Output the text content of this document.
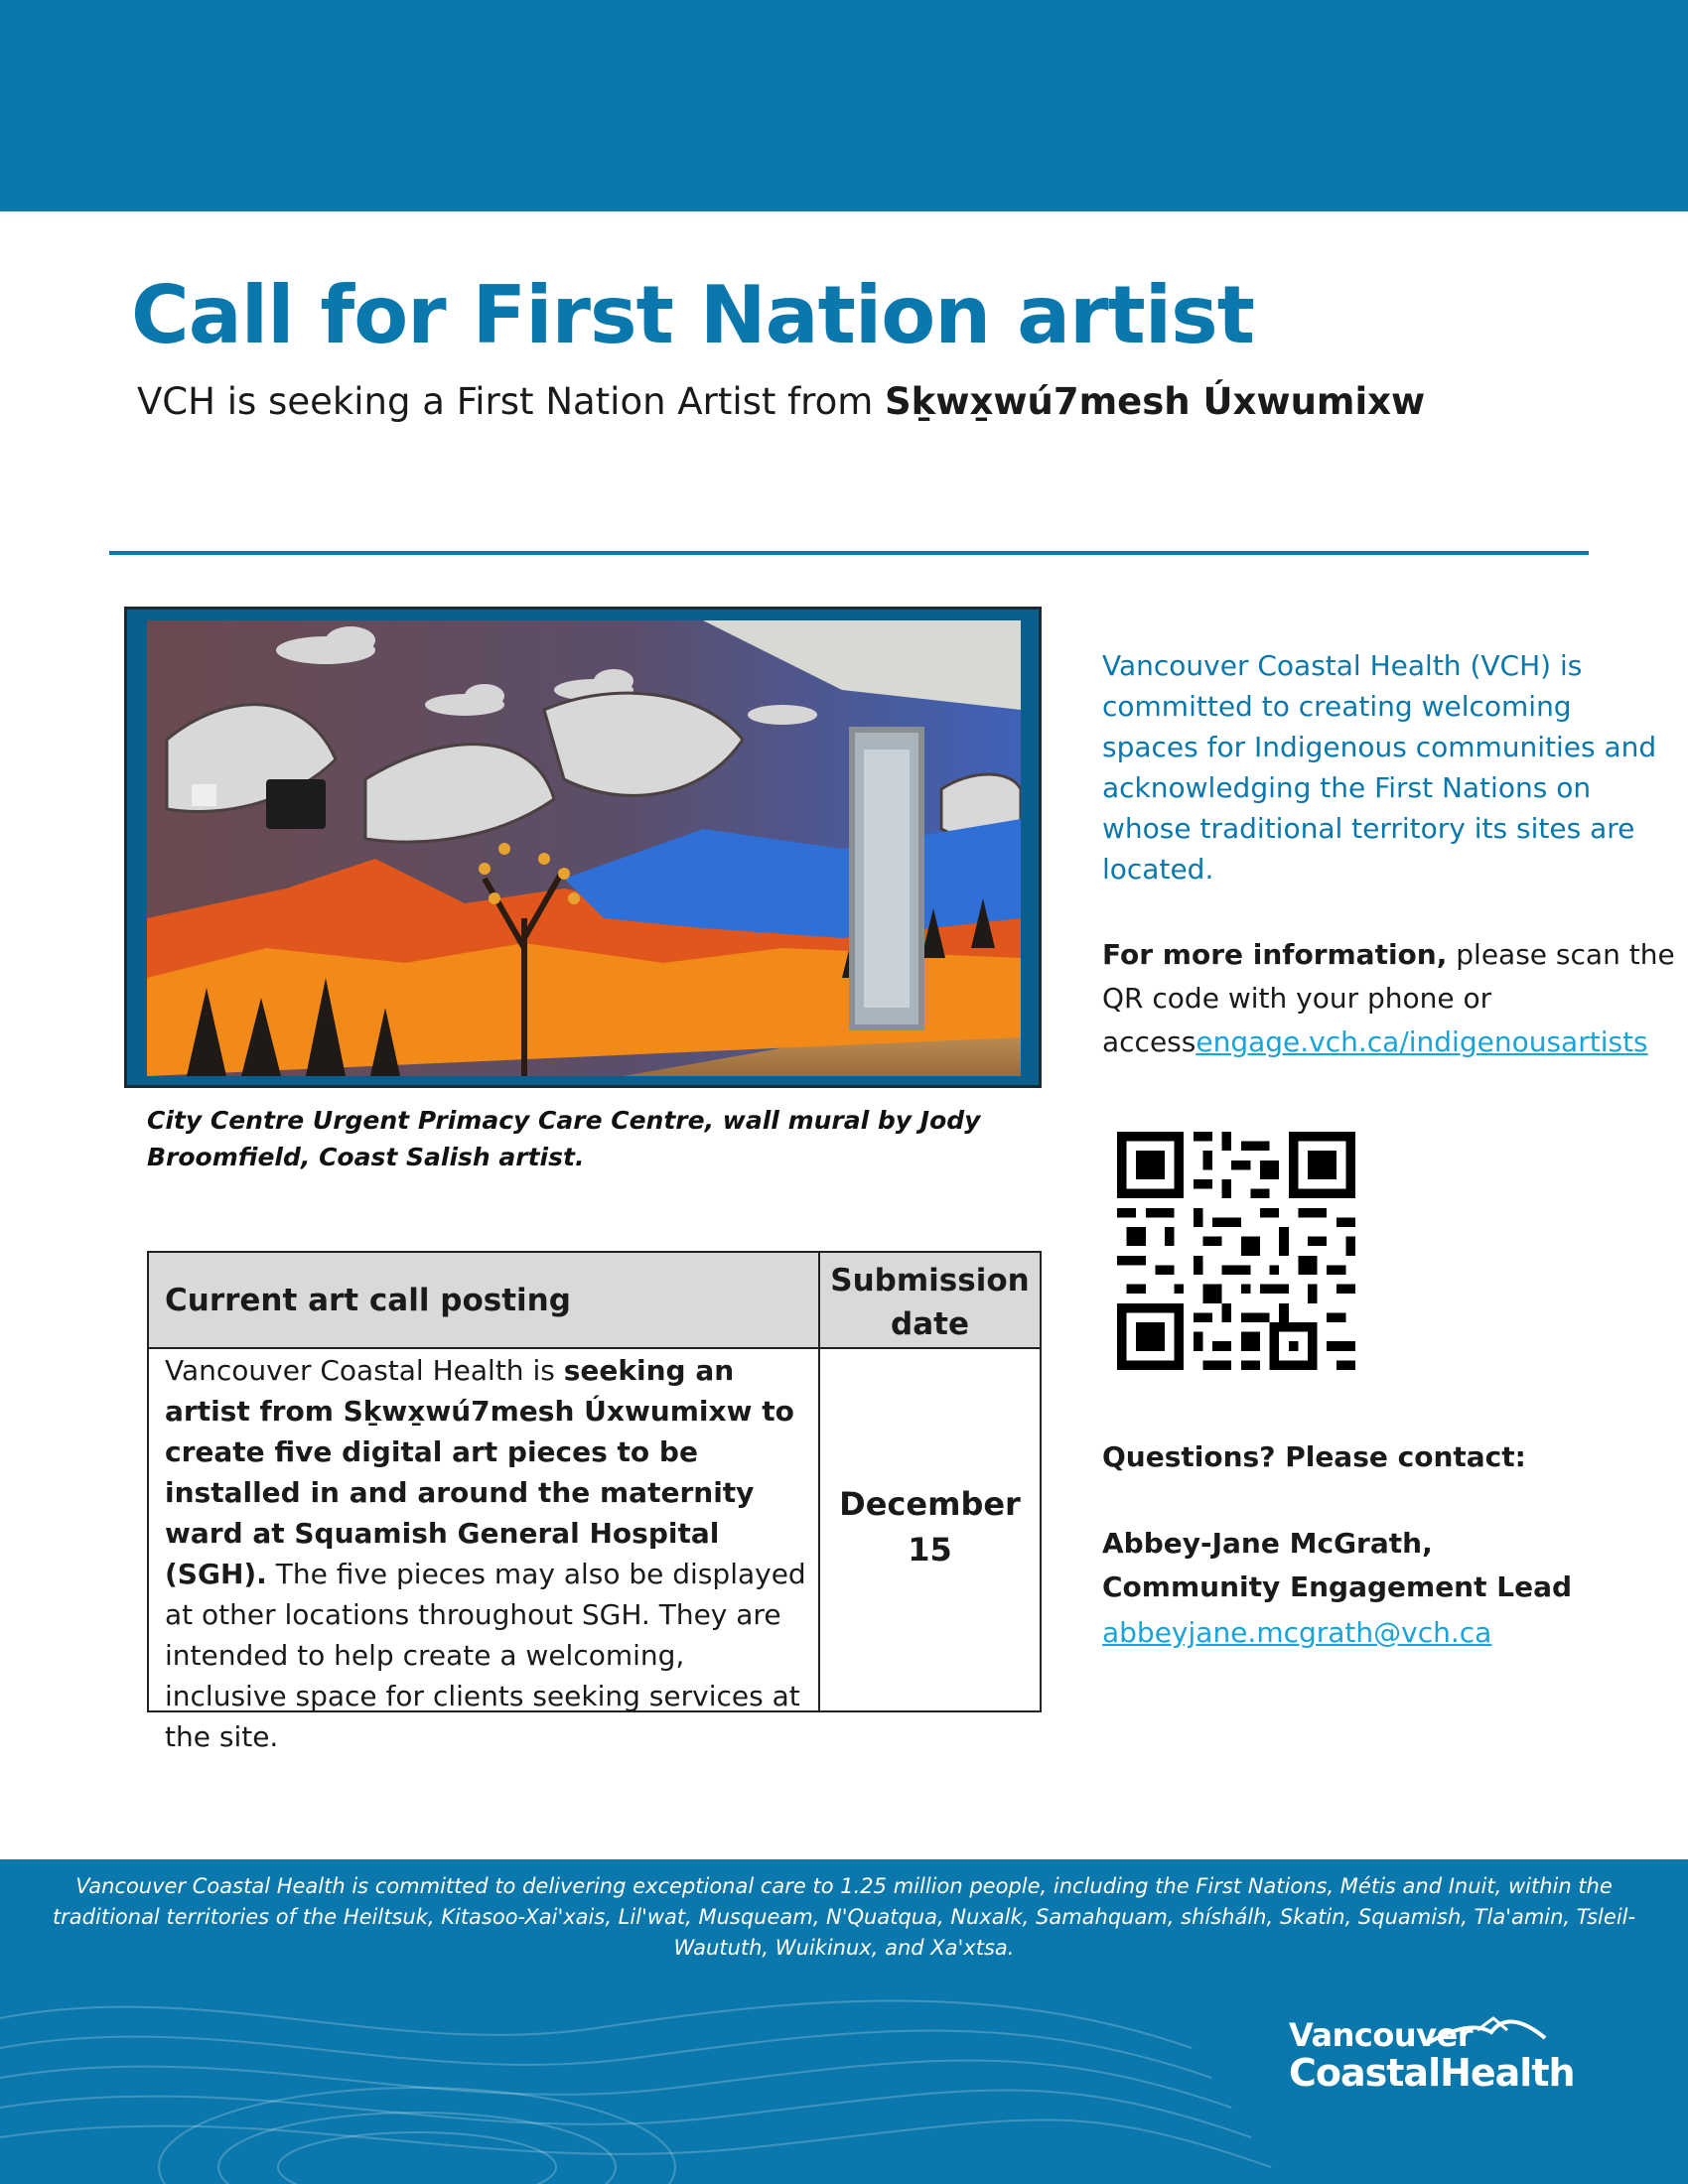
Call for First Nation artist
VCH is seeking a First Nation Artist from Sḵwx̱wú7mesh Úxwumixw
City Centre Urgent Primacy Care Centre, wall mural by Jody Broomfield, Coast Salish artist.
Current art call posting
Submission date
Vancouver Coastal Health is seeking an artist from Sḵwx̱wú7mesh Úxwumixw to create five digital art pieces to be installed in and around the maternity ward at Squamish General Hospital (SGH). The five pieces may also be displayed at other locations throughout SGH. They are intended to help create a welcoming, inclusive space for clients seeking services at the site.
December 15
Vancouver Coastal Health (VCH) is committed to creating welcoming spaces for Indigenous communities and acknowledging the First Nations on whose traditional territory its sites are located.
For more information, please scan the QR code with your phone or accessengage.vch.ca/indigenousartists
Questions? Please contact:
Abbey-Jane McGrath, Community Engagement Lead
abbeyjane.mcgrath@vch.ca
Vancouver Coastal Health is committed to delivering exceptional care to 1.25 million people, including the First Nations, Métis and Inuit, within the traditional territories of the Heiltsuk, Kitasoo-Xai'xais, Lil'wat, Musqueam, N'Quatqua, Nuxalk, Samahquam, shíshálh, Skatin, Squamish, Tla'amin, Tsleil-Waututh, Wuikinux, and Xa'xtsa.
Vancouver
CoastalHealth
